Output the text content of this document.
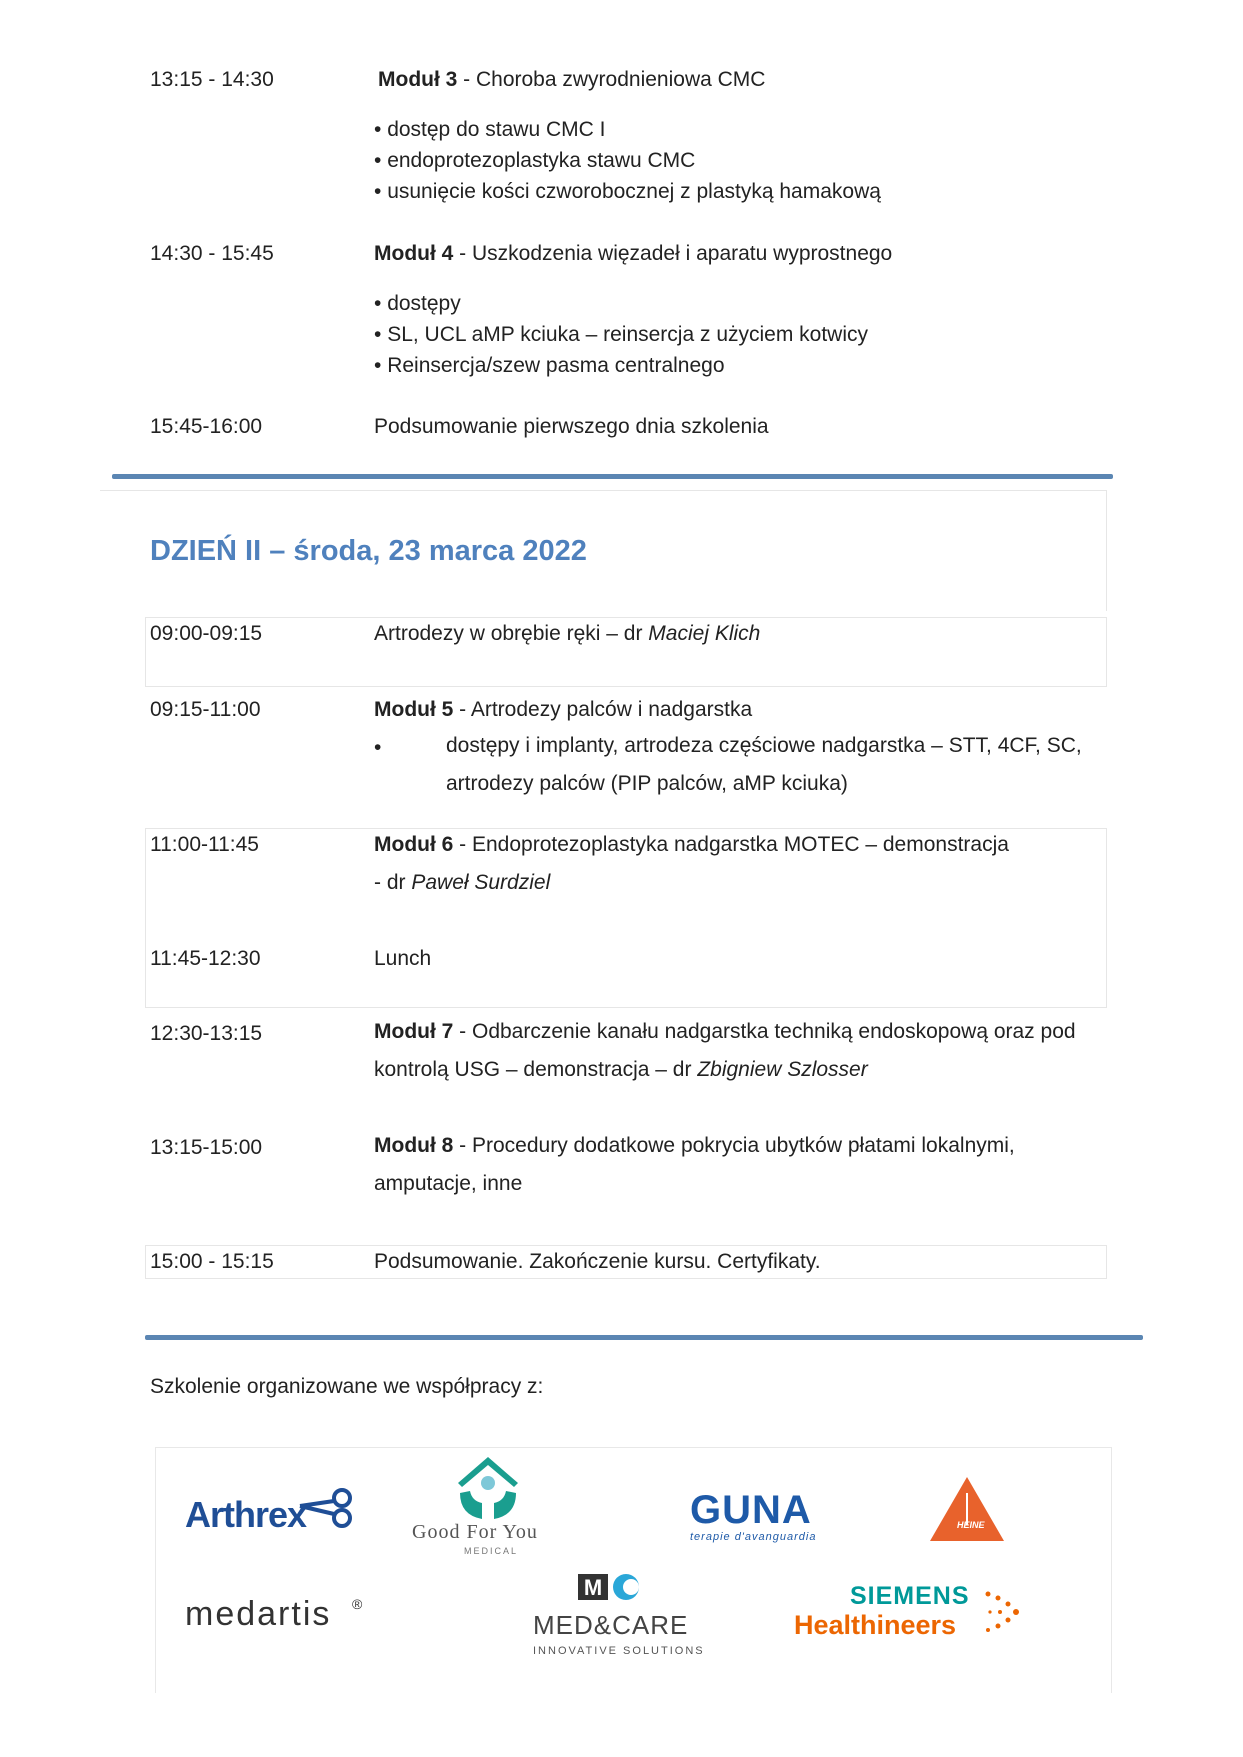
13:15 - 14:30	Moduł 3 - Choroba zwyrodnieniowa CMC
• dostęp do stawu CMC I
• endoprotezoplastyka stawu CMC
• usunięcie kości czworobocznej z plastyką hamakową
14:30 - 15:45	Moduł 4 - Uszkodzenia więzadeł i aparatu wyprostnego
• dostępy
• SL, UCL aMP kciuka – reinsercja z użyciem kotwicy
• Reinsercja/szew pasma centralnego
15:45-16:00	Podsumowanie pierwszego dnia szkolenia
DZIEŃ II – środa, 23 marca 2022
09:00-09:15	Artrodezy w obrębie ręki – dr Maciej Klich
09:15-11:00	Moduł 5 - Artrodezy palców i nadgarstka
•	dostępy i implanty, artrodeza częściowe nadgarstka – STT, 4CF, SC, artrodezy palców (PIP palców, aMP kciuka)
11:00-11:45	Moduł 6 - Endoprotezoplastyka nadgarstka MOTEC – demonstracja
- dr Paweł Surdziel
11:45-12:30	Lunch
12:30-13:15	Moduł 7 - Odbarczenie kanału nadgarstka techniką endoskopową oraz pod kontrolą USG – demonstracja – dr Zbigniew Szlosser
13:15-15:00	Moduł 8 - Procedury dodatkowe pokrycia ubytków płatami lokalnymi, amputacje, inne
15:00 - 15:15	Podsumowanie. Zakończenie kursu. Certyfikaty.
Szkolenie organizowane we współpracy z:
Arthrex	Good For You
MEDICAL
GUNA
terapie d'avanguardia
HEINE
medartis ®
M
MED&CARE
INNOVATIVE SOLUTIONS
SIEMENS
Healthineers
